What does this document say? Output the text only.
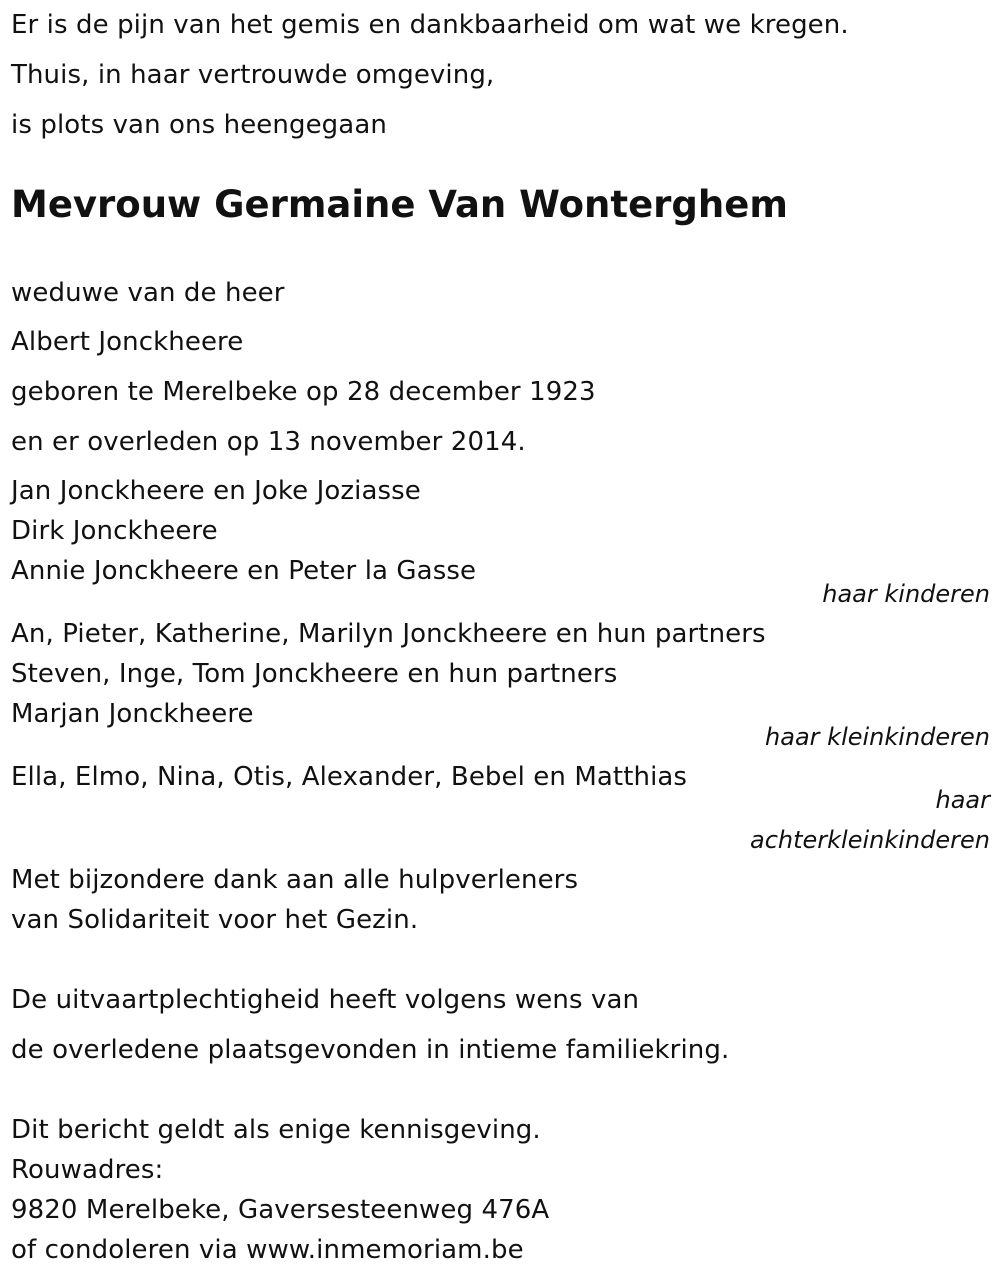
Er is de pijn van het gemis en dankbaarheid om wat we kregen.
Thuis, in haar vertrouwde omgeving,
is plots van ons heengegaan
Mevrouw Germaine Van Wonterghem
weduwe van de heer
Albert Jonckheere
geboren te Merelbeke op 28 december 1923
en er overleden op 13 november 2014.
Jan Jonckheere en Joke Joziasse
Dirk Jonckheere
Annie Jonckheere en Peter la Gasse
haar kinderen
An, Pieter, Katherine, Marilyn Jonckheere en hun partners
Steven, Inge, Tom Jonckheere en hun partners
Marjan Jonckheere
haar kleinkinderen
Ella, Elmo, Nina, Otis, Alexander, Bebel en Matthias
haar
achterkleinkinderen
Met bijzondere dank aan alle hulpverleners
van Solidariteit voor het Gezin.
De uitvaartplechtigheid heeft volgens wens van
de overledene plaatsgevonden in intieme familiekring.
Dit bericht geldt als enige kennisgeving.
Rouwadres:
9820 Merelbeke, Gaversesteenweg 476A
of condoleren via www.inmemoriam.be
